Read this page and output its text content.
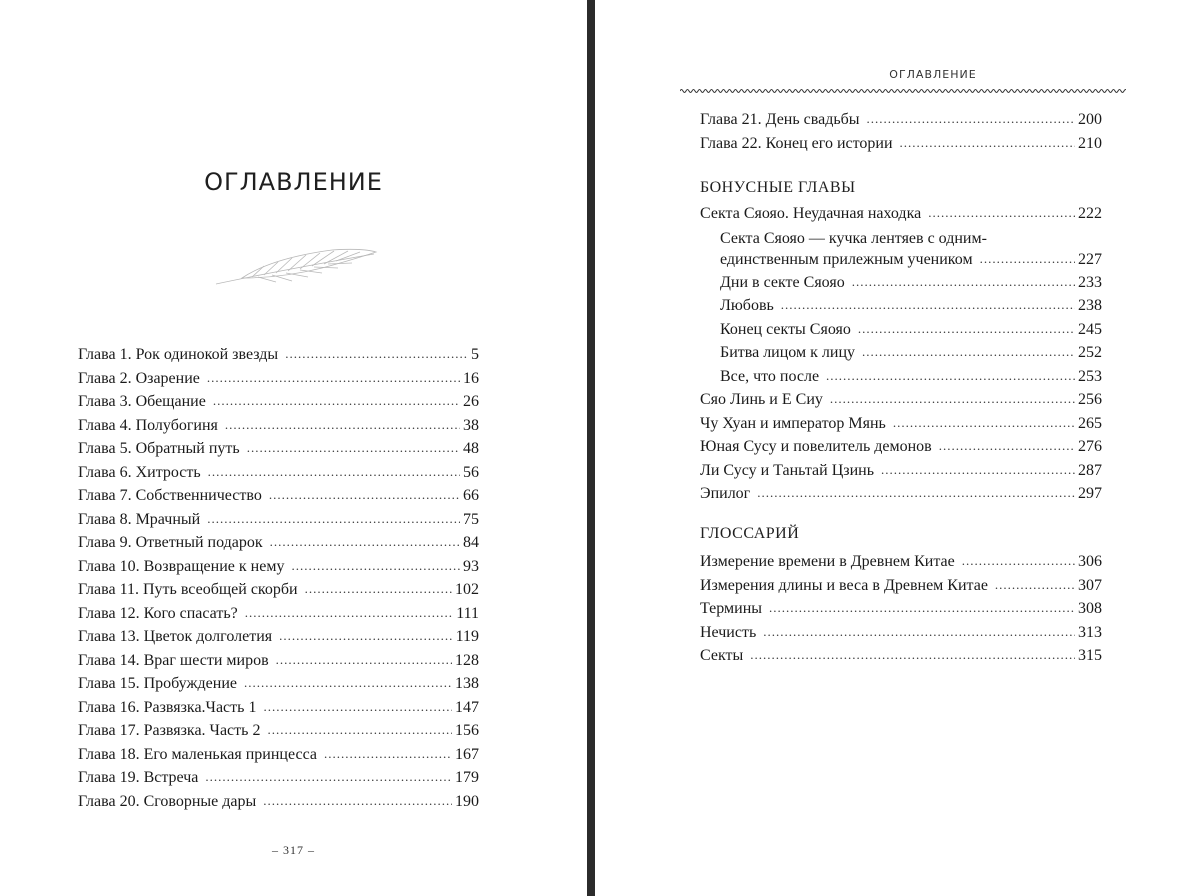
ОГЛАВЛЕНИЕ
Глава 1. Рок одинокой звезды .....	5
Глава 2. Озарение .....	16
Глава 3. Обещание .....	26
Глава 4. Полубогиня .....	38
Глава 5. Обратный путь .....	48
Глава 6. Хитрость .....	56
Глава 7. Собственничество .....	66
Глава 8. Мрачный .....	75
Глава 9. Ответный подарок .....	84
Глава 10. Возвращение к нему .....	93
Глава 11. Путь всеобщей скорби .....	102
Глава 12. Кого спасать? .....	111
Глава 13. Цветок долголетия .....	119
Глава 14. Враг шести миров .....	128
Глава 15. Пробуждение .....	138
Глава 16. Развязка.Часть 1 .....	147
Глава 17. Развязка. Часть 2 .....	156
Глава 18. Его маленькая принцесса .....	167
Глава 19. Встреча .....	179
Глава 20. Сговорные дары .....	190
– 317 –
ОГЛАВЛЕНИЕ
Глава 21. День свадьбы .....	200
Глава 22. Конец его истории .....	210
БОНУСНЫЕ ГЛАВЫ
Секта Сяояо. Неудачная находка .....	222
Секта Сяояо — кучка лентяев с одним-
единственным прилежным учеником .....	227
Дни в секте Сяояо .....	233
Любовь .....	238
Конец секты Сяояо .....	245
Битва лицом к лицу .....	252
Все, что после .....	253
Сяо Линь и Е Сиу .....	256
Чу Хуан и император Мянь .....	265
Юная Сусу и повелитель демонов .....	276
Ли Сусу и Таньтай Цзинь .....	287
Эпилог .....	297
ГЛОССАРИЙ
Измерение времени в Древнем Китае .....	306
Измерения длины и веса в Древнем Китае .....	307
Термины .....	308
Нечисть .....	313
Секты .....	315
